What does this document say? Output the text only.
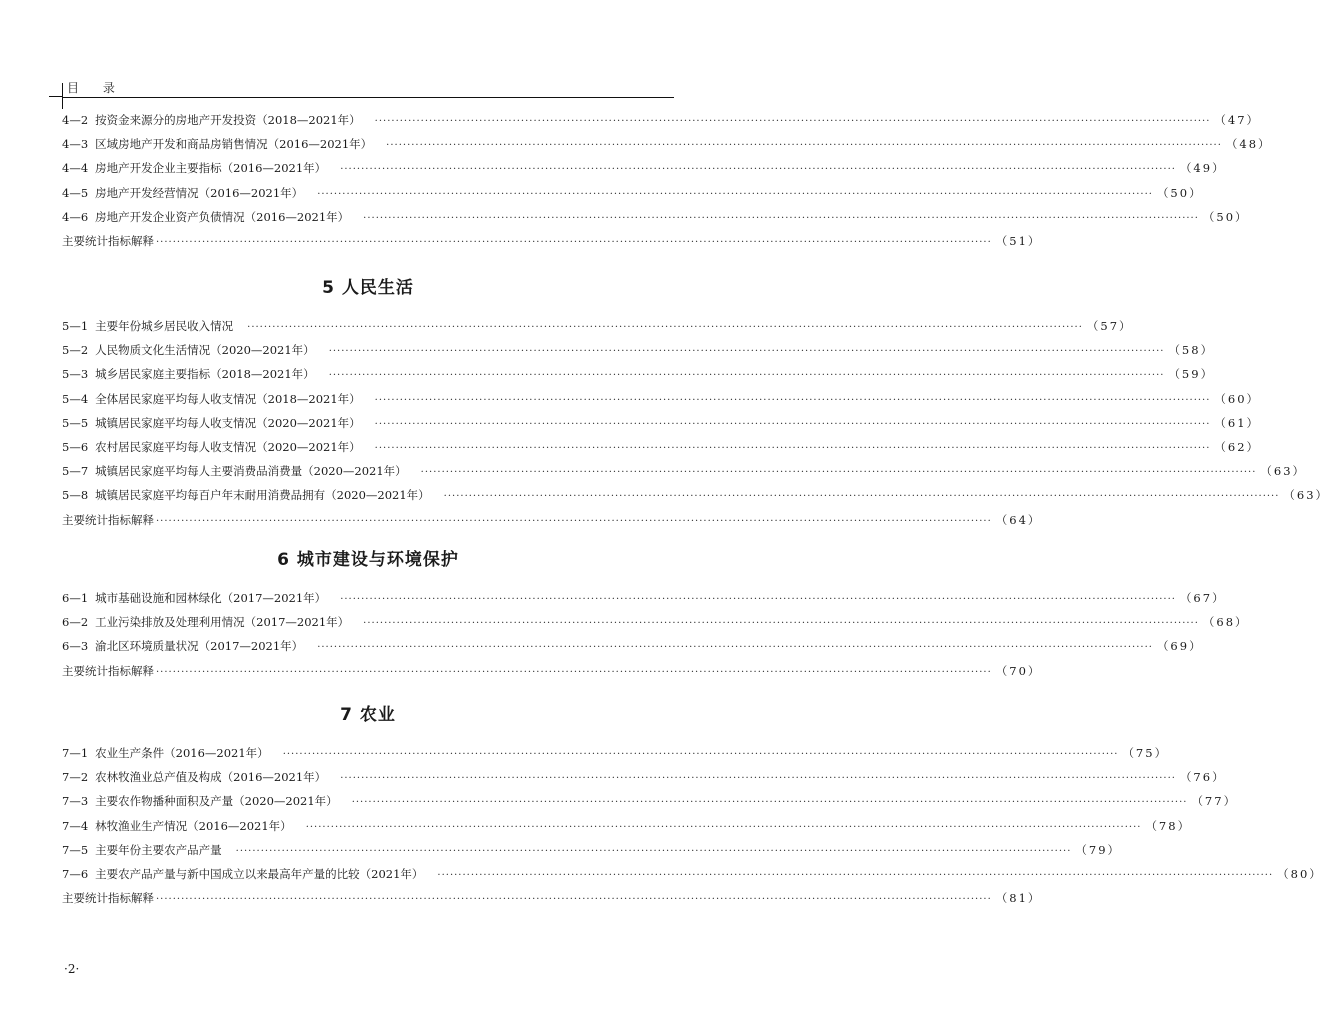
目 录
4—2 按资金来源分的房地产开发投资（2018—2021年） ········································································································································································································ （47）
4—3 区域房地产开发和商品房销售情况（2016—2021年） ········································································································································································································ （48）
4—4 房地产开发企业主要指标（2016—2021年） ········································································································································································································ （49）
4—5 房地产开发经营情况（2016—2021年） ········································································································································································································ （50）
4—6 房地产开发企业资产负债情况（2016—2021年） ········································································································································································································ （50）
主要统计指标解释 ········································································································································································································ （51）
5 人民生活
5—1 主要年份城乡居民收入情况 ········································································································································································································ （57）
5—2 人民物质文化生活情况（2020—2021年） ········································································································································································································ （58）
5—3 城乡居民家庭主要指标（2018—2021年） ········································································································································································································ （59）
5—4 全体居民家庭平均每人收支情况（2018—2021年） ········································································································································································································ （60）
5—5 城镇居民家庭平均每人收支情况（2020—2021年） ········································································································································································································ （61）
5—6 农村居民家庭平均每人收支情况（2020—2021年） ········································································································································································································ （62）
5—7 城镇居民家庭平均每人主要消费品消费量（2020—2021年） ········································································································································································································ （63）
5—8 城镇居民家庭平均每百户年末耐用消费品拥有（2020—2021年） ········································································································································································································ （63）
主要统计指标解释 ········································································································································································································ （64）
6 城市建设与环境保护
6—1 城市基础设施和园林绿化（2017—2021年） ········································································································································································································ （67）
6—2 工业污染排放及处理利用情况（2017—2021年） ········································································································································································································ （68）
6—3 渝北区环境质量状况（2017—2021年） ········································································································································································································ （69）
主要统计指标解释 ········································································································································································································ （70）
7 农业
7—1 农业生产条件（2016—2021年） ········································································································································································································ （75）
7—2 农林牧渔业总产值及构成（2016—2021年） ········································································································································································································ （76）
7—3 主要农作物播种面积及产量（2020—2021年） ········································································································································································································ （77）
7—4 林牧渔业生产情况（2016—2021年） ········································································································································································································ （78）
7—5 主要年份主要农产品产量 ········································································································································································································ （79）
7—6 主要农产品产量与新中国成立以来最高年产量的比较（2021年） ········································································································································································································ （80）
主要统计指标解释 ········································································································································································································ （81）
·2·
